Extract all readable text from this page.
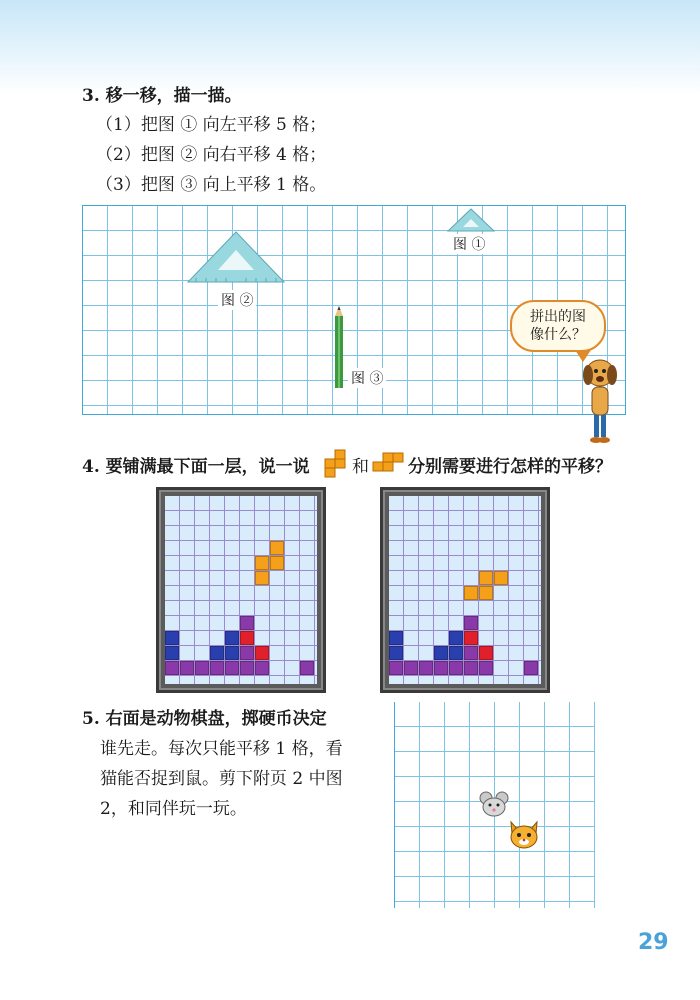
3. 移一移，描一描。
（1）把图 ① 向左平移 5 格；
（2）把图 ② 向右平移 4 格；
（3）把图 ③ 向上平移 1 格。
图 ①
图 ②
图 ③
拼出的图
像什么？
4. 要铺满最下面一层，说一说 和 分别需要进行怎样的平移？
5. 右面是动物棋盘，掷硬币决定
谁先走。每次只能平移 1 格，看
猫能否捉到鼠。剪下附页 2 中图
2，和同伴玩一玩。
29
